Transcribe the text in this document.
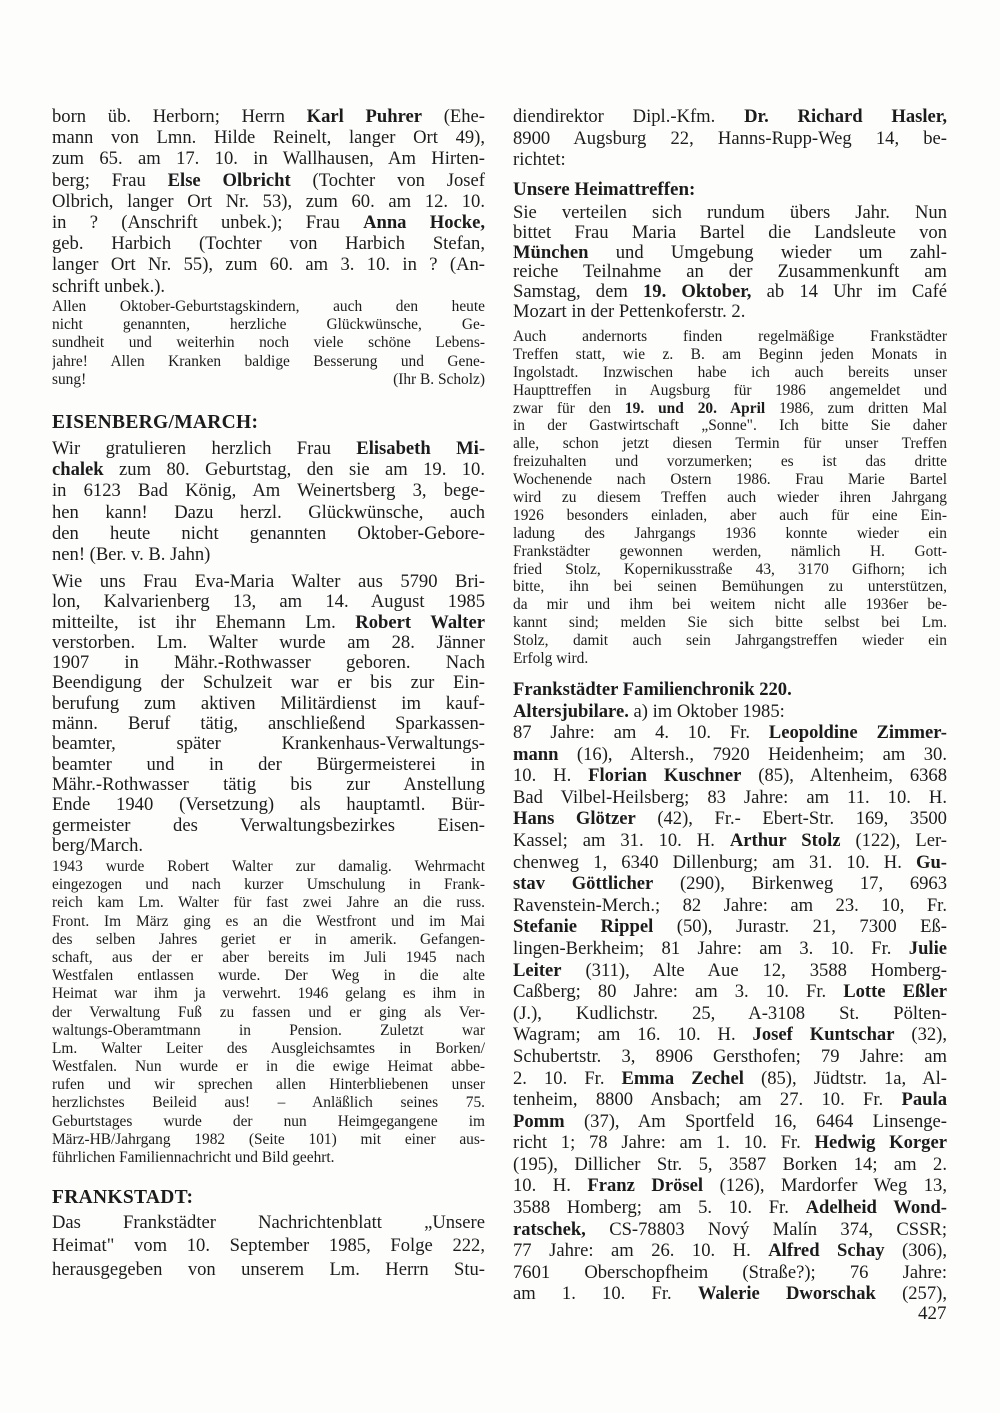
born üb. Herborn; Herrn Karl Puhrer (Ehe-
mann von Lmn. Hilde Reinelt, langer Ort 49),
zum 65. am 17. 10. in Wallhausen, Am Hirten-
berg; Frau Else Olbricht (Tochter von Josef
Olbrich, langer Ort Nr. 53), zum 60. am 12. 10.
in ? (Anschrift unbek.); Frau Anna Hocke,
geb. Harbich (Tochter von Harbich Stefan,
langer Ort Nr. 55), zum 60. am 3. 10. in ? (An-
schrift unbek.).
Allen Oktober-Geburtstagskindern, auch den heute
nicht genannten, herzliche Glückwünsche, Ge-
sundheit und weiterhin noch viele schöne Lebens-
jahre! Allen Kranken baldige Besserung und Gene-
sung!	(Ihr B. Scholz)
EISENBERG/MARCH:
Wir gratulieren herzlich Frau Elisabeth Mi-
chalek zum 80. Geburtstag, den sie am 19. 10.
in 6123 Bad König, Am Weinertsberg 3, bege-
hen kann! Dazu herzl. Glückwünsche, auch
den heute nicht genannten Oktober-Gebore-
nen! (Ber. v. B. Jahn)
Wie uns Frau Eva-Maria Walter aus 5790 Bri-
lon, Kalvarienberg 13, am 14. August 1985
mitteilte, ist ihr Ehemann Lm. Robert Walter
verstorben. Lm. Walter wurde am 28. Jänner
1907 in Mähr.-Rothwasser geboren. Nach
Beendigung der Schulzeit war er bis zur Ein-
berufung zum aktiven Militärdienst im kauf-
männ. Beruf tätig, anschließend Sparkassen-
beamter, später Krankenhaus-Verwaltungs-
beamter und in der Bürgermeisterei in
Mähr.-Rothwasser tätig bis zur Anstellung
Ende 1940 (Versetzung) als hauptamtl. Bür-
germeister des Verwaltungsbezirkes Eisen-
berg/March.
1943 wurde Robert Walter zur damalig. Wehrmacht
eingezogen und nach kurzer Umschulung in Frank-
reich kam Lm. Walter für fast zwei Jahre an die russ.
Front. Im März ging es an die Westfront und im Mai
des selben Jahres geriet er in amerik. Gefangen-
schaft, aus der er aber bereits im Juli 1945 nach
Westfalen entlassen wurde. Der Weg in die alte
Heimat war ihm ja verwehrt. 1946 gelang es ihm in
der Verwaltung Fuß zu fassen und er ging als Ver-
waltungs-Oberamtmann in Pension. Zuletzt war
Lm. Walter Leiter des Ausgleichsamtes in Borken/
Westfalen. Nun wurde er in die ewige Heimat abbe-
rufen und wir sprechen allen Hinterbliebenen unser
herzlichstes Beileid aus! – Anläßlich seines 75.
Geburtstages wurde der nun Heimgegangene im
März-HB/Jahrgang 1982 (Seite 101) mit einer aus-
führlichen Familiennachricht und Bild geehrt.
FRANKSTADT:
Das Frankstädter Nachrichtenblatt „Unsere
Heimat" vom 10. September 1985, Folge 222,
herausgegeben von unserem Lm. Herrn Stu-
diendirektor Dipl.-Kfm. Dr. Richard Hasler,
8900 Augsburg 22, Hanns-Rupp-Weg 14, be-
richtet:
Unsere Heimattreffen:
Sie verteilen sich rundum übers Jahr. Nun
bittet Frau Maria Bartel die Landsleute von
München und Umgebung wieder um zahl-
reiche Teilnahme an der Zusammenkunft am
Samstag, dem 19. Oktober, ab 14 Uhr im Café
Mozart in der Pettenkoferstr. 2.
Auch andernorts finden regelmäßige Frankstädter
Treffen statt, wie z. B. am Beginn jeden Monats in
Ingolstadt. Inzwischen habe ich auch bereits unser
Haupttreffen in Augsburg für 1986 angemeldet und
zwar für den 19. und 20. April 1986, zum dritten Mal
in der Gastwirtschaft „Sonne". Ich bitte Sie daher
alle, schon jetzt diesen Termin für unser Treffen
freizuhalten und vorzumerken; es ist das dritte
Wochenende nach Ostern 1986. Frau Marie Bartel
wird zu diesem Treffen auch wieder ihren Jahrgang
1926 besonders einladen, aber auch für eine Ein-
ladung des Jahrgangs 1936 konnte wieder ein
Frankstädter gewonnen werden, nämlich H. Gott-
fried Stolz, Kopernikusstraße 43, 3170 Gifhorn; ich
bitte, ihn bei seinen Bemühungen zu unterstützen,
da mir und ihm bei weitem nicht alle 1936er be-
kannt sind; melden Sie sich bitte selbst bei Lm.
Stolz, damit auch sein Jahrgangstreffen wieder ein
Erfolg wird.
Frankstädter Familienchronik 220.
Altersjubilare. a) im Oktober 1985:
87 Jahre: am 4. 10. Fr. Leopoldine Zimmer-
mann (16), Altersh., 7920 Heidenheim; am 30.
10. H. Florian Kuschner (85), Altenheim, 6368
Bad Vilbel-Heilsberg; 83 Jahre: am 11. 10. H.
Hans Glötzer (42), Fr.- Ebert-Str. 169, 3500
Kassel; am 31. 10. H. Arthur Stolz (122), Ler-
chenweg 1, 6340 Dillenburg; am 31. 10. H. Gu-
stav Göttlicher (290), Birkenweg 17, 6963
Ravenstein-Merch.; 82 Jahre: am 23. 10, Fr.
Stefanie Rippel (50), Jurastr. 21, 7300 Eß-
lingen-Berkheim; 81 Jahre: am 3. 10. Fr. Julie
Leiter (311), Alte Aue 12, 3588 Homberg-
Caßberg; 80 Jahre: am 3. 10. Fr. Lotte Eßler
(J.), Kudlichstr. 25, A-3108 St. Pölten-
Wagram; am 16. 10. H. Josef Kuntschar (32),
Schubertstr. 3, 8906 Gersthofen; 79 Jahre: am
2. 10. Fr. Emma Zechel (85), Jüdtstr. 1a, Al-
tenheim, 8800 Ansbach; am 27. 10. Fr. Paula
Pomm (37), Am Sportfeld 16, 6464 Linsenge-
richt 1; 78 Jahre: am 1. 10. Fr. Hedwig Korger
(195), Dillicher Str. 5, 3587 Borken 14; am 2.
10. H. Franz Drösel (126), Mardorfer Weg 13,
3588 Homberg; am 5. 10. Fr. Adelheid Wond-
ratschek, CS-78803 Nový Malín 374, CSSR;
77 Jahre: am 26. 10. H. Alfred Schay (306),
7601 Oberschopfheim (Straße?); 76 Jahre:
am 1. 10. Fr. Walerie Dworschak (257),
427
